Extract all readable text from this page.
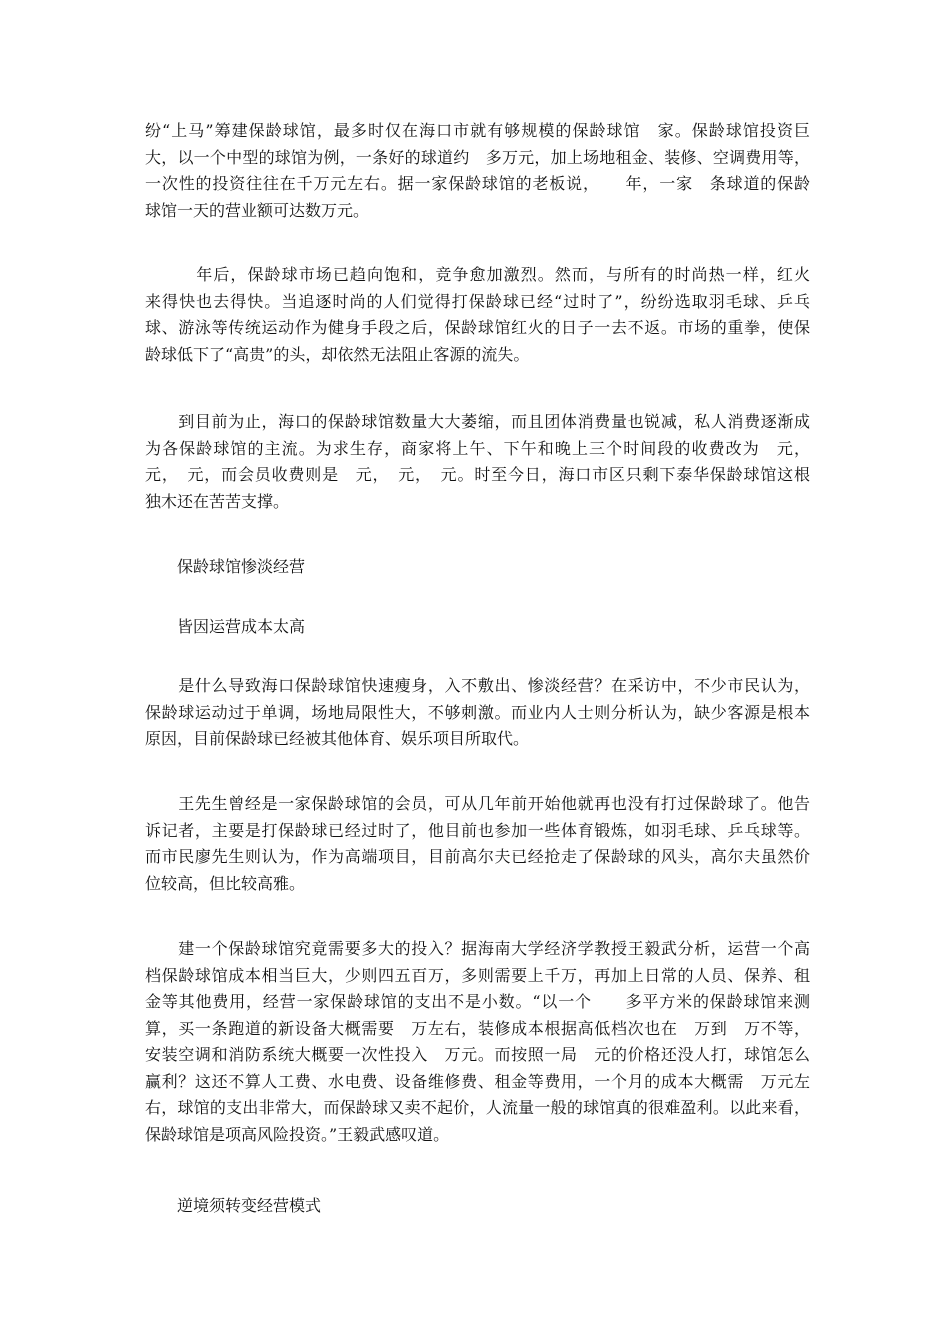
纷“上马”筹建保龄球馆，最多时仅在海口市就有够规模的保龄球馆　家。保龄球馆投资巨
大，以一个中型的球馆为例，一条好的球道约　多万元，加上场地租金、装修、空调费用等，
一次性的投资往往在千万元左右。据一家保龄球馆的老板说，　　年，一家　条球道的保龄
球馆一天的营业额可达数万元。
　　　年后，保龄球市场已趋向饱和，竞争愈加激烈。然而，与所有的时尚热一样，红火
来得快也去得快。当追逐时尚的人们觉得打保龄球已经“过时了”，纷纷选取羽毛球、乒乓
球、游泳等传统运动作为健身手段之后，保龄球馆红火的日子一去不返。市场的重拳，使保
龄球低下了“高贵”的头，却依然无法阻止客源的流失。
　　到目前为止，海口的保龄球馆数量大大萎缩，而且团体消费量也锐减，私人消费逐渐成
为各保龄球馆的主流。为求生存，商家将上午、下午和晚上三个时间段的收费改为　元，
元，　元，而会员收费则是　元，　元，　元。时至今日，海口市区只剩下泰华保龄球馆这根
独木还在苦苦支撑。
　　保龄球馆惨淡经营
　　皆因运营成本太高
　　是什么导致海口保龄球馆快速瘦身，入不敷出、惨淡经营？在采访中，不少市民认为，
保龄球运动过于单调，场地局限性大，不够刺激。而业内人士则分析认为，缺少客源是根本
原因，目前保龄球已经被其他体育、娱乐项目所取代。
　　王先生曾经是一家保龄球馆的会员，可从几年前开始他就再也没有打过保龄球了。他告
诉记者，主要是打保龄球已经过时了，他目前也参加一些体育锻炼，如羽毛球、乒乓球等。
而市民廖先生则认为，作为高端项目，目前高尔夫已经抢走了保龄球的风头，高尔夫虽然价
位较高，但比较高雅。
　　建一个保龄球馆究竟需要多大的投入？据海南大学经济学教授王毅武分析，运营一个高
档保龄球馆成本相当巨大，少则四五百万，多则需要上千万，再加上日常的人员、保养、租
金等其他费用，经营一家保龄球馆的支出不是小数。“以一个　　多平方米的保龄球馆来测
算，买一条跑道的新设备大概需要　万左右，装修成本根据高低档次也在　万到　万不等，
安装空调和消防系统大概要一次性投入　万元。而按照一局　元的价格还没人打，球馆怎么
赢利？这还不算人工费、水电费、设备维修费、租金等费用，一个月的成本大概需　万元左
右，球馆的支出非常大，而保龄球又卖不起价，人流量一般的球馆真的很难盈利。以此来看，
保龄球馆是项高风险投资。”王毅武感叹道。
　　逆境须转变经营模式
